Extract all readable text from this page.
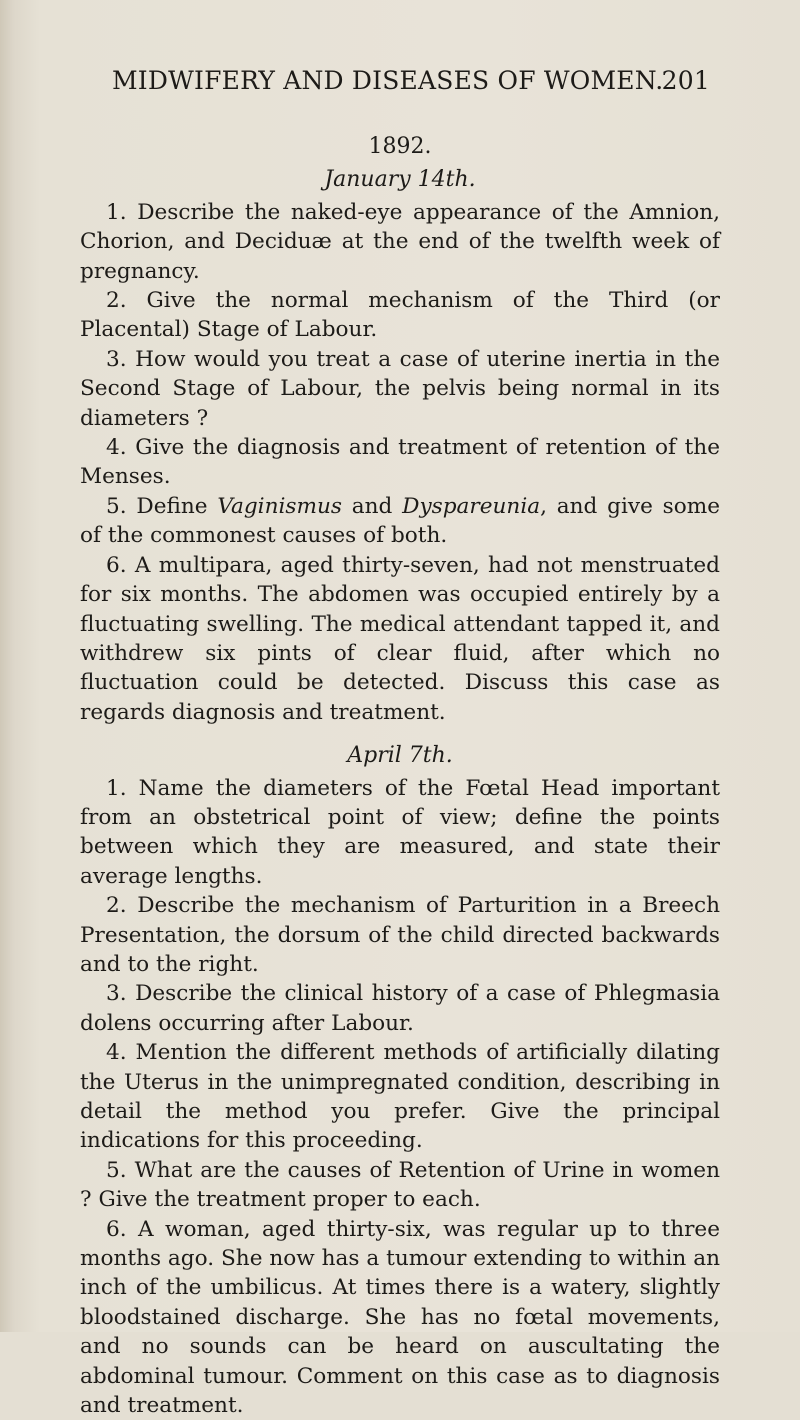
MIDWIFERY AND DISEASES OF WOMEN.
201

1892.

January 14th.

1. Describe the naked-eye appearance of the Amnion, Chorion, and Deciduæ at the end of the twelfth week of pregnancy.

2. Give the normal mechanism of the Third (or Placental) Stage of Labour.

3. How would you treat a case of uterine inertia in the Second Stage of Labour, the pelvis being normal in its diameters ?

4. Give the diagnosis and treatment of retention of the Menses.

5. Define Vaginismus and Dyspareunia, and give some of the commonest causes of both.

6. A multipara, aged thirty-seven, had not menstruated for six months. The abdomen was occupied entirely by a fluctuating swelling. The medical attendant tapped it, and withdrew six pints of clear fluid, after which no fluctuation could be detected. Discuss this case as regards diagnosis and treatment.

April 7th.

1. Name the diameters of the Fœtal Head important from an obstetrical point of view; define the points between which they are measured, and state their average lengths.

2. Describe the mechanism of Parturition in a Breech Presentation, the dorsum of the child directed backwards and to the right.

3. Describe the clinical history of a case of Phlegmasia dolens occurring after Labour.

4. Mention the different methods of artificially dilating the Uterus in the unimpregnated condition, describing in detail the method you prefer. Give the principal indications for this proceeding.

5. What are the causes of Retention of Urine in women ? Give the treatment proper to each.

6. A woman, aged thirty-six, was regular up to three months ago. She now has a tumour extending to within an inch of the umbilicus. At times there is a watery, slightly bloodstained discharge. She has no fœtal movements, and no sounds can be heard on auscultating the abdominal tumour. Comment on this case as to diagnosis and treatment.
